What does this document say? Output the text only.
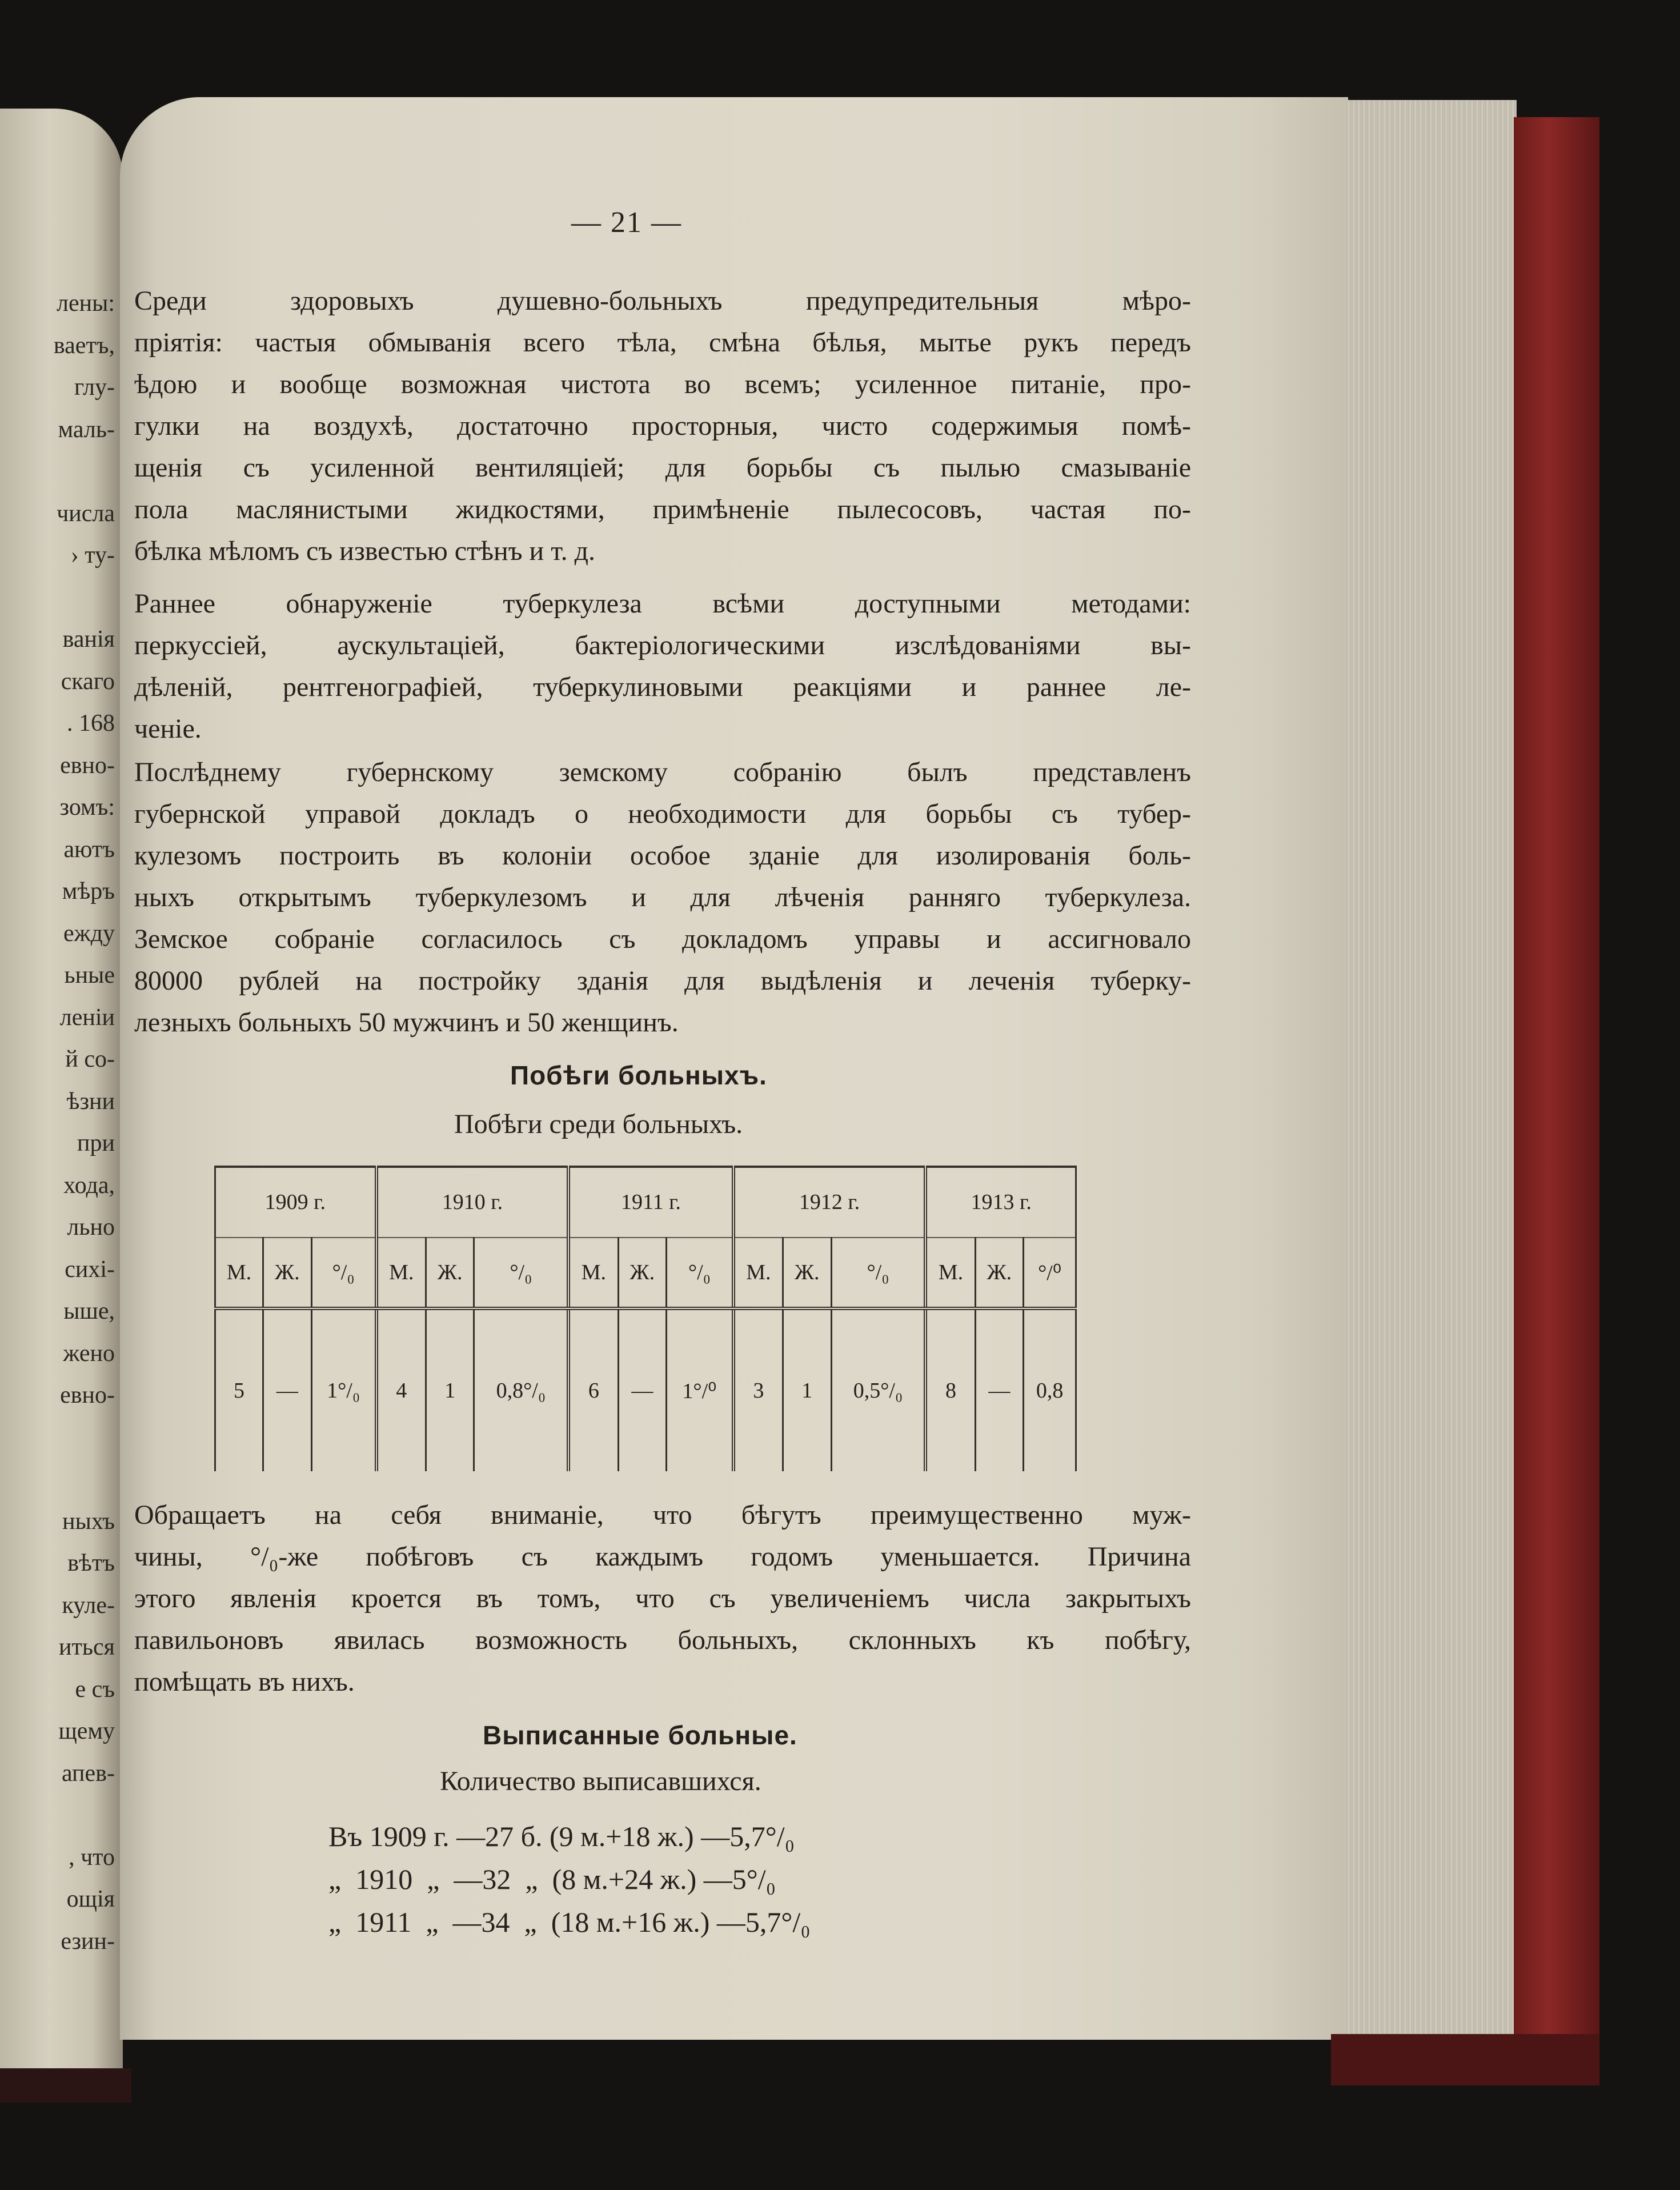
лены:
ваетъ,
глу-
маль-
числа
› ту-
ванія
скаго
. 168
евно-
зомъ:
аютъ
мѣръ
ежду
ьные
леніи
й со-
ѣзни
при
хода,
льно
сихі-
ыше,
жено
евно-
ныхъ
вѣтъ
куле-
иться
е съ
щему
апев-
, что
ощія
езин-
— 21 —
Среди здоровыхъ душевно-больныхъ предупредительныя мѣро-
пріятія: частыя обмыванія всего тѣла, смѣна бѣлья, мытье рукъ передъ
ѣдою и вообще возможная чистота во всемъ; усиленное питаніе, про-
гулки на воздухѣ, достаточно просторныя, чисто содержимыя помѣ-
щенія съ усиленной вентиляціей; для борьбы съ пылью смазываніе
пола маслянистыми жидкостями, примѣненіе пылесосовъ, частая по-
бѣлка мѣломъ съ известью стѣнъ и т. д.
Раннее обнаруженіе туберкулеза всѣми доступными методами:
перкуссіей, аускультаціей, бактеріологическими изслѣдованіями вы-
дѣленій, рентгенографіей, туберкулиновыми реакціями и раннее ле-
ченіе.
Послѣднему губернскому земскому собранію былъ представленъ
губернской управой докладъ о необходимости для борьбы съ тубер-
кулезомъ построить въ колоніи особое зданіе для изолированія боль-
ныхъ открытымъ туберкулезомъ и для лѣченія ранняго туберкулеза.
Земское собраніе согласилось съ докладомъ управы и ассигновало
80000 рублей на постройку зданія для выдѣленія и леченія туберку-
лезныхъ больныхъ 50 мужчинъ и 50 женщинъ.
Побѣги больныхъ.
Побѣги среди больныхъ.
1909 г.			1910 г.			1911 г.			1912 г.			1913 г.		
М.	Ж.	°/₀	М.	Ж.	°/₀	М.	Ж.	°/₀	М.	Ж.	°/₀	М.	Ж.	°/⁰
5	—	1°/₀	4	1	0,8°/₀	6	—	1°/⁰	3	1	0,5°/₀	8	—	0,8
Обращаетъ на себя вниманіе, что бѣгутъ преимущественно муж-
чины, °/₀-же побѣговъ съ каждымъ годомъ уменьшается. Причина
этого явленія кроется въ томъ, что съ увеличеніемъ числа закрытыхъ
павильоновъ явилась возможность больныхъ, склонныхъ къ побѣгу,
помѣщать въ нихъ.
Выписанные больные.
Количество выписавшихся.
Въ 1909 г. —27 б. (9 м.+18 ж.) —5,7°/₀
„  1910  „  —32  „  (8 м.+24 ж.) —5°/₀
„  1911  „  —34  „  (18 м.+16 ж.) —5,7°/₀
